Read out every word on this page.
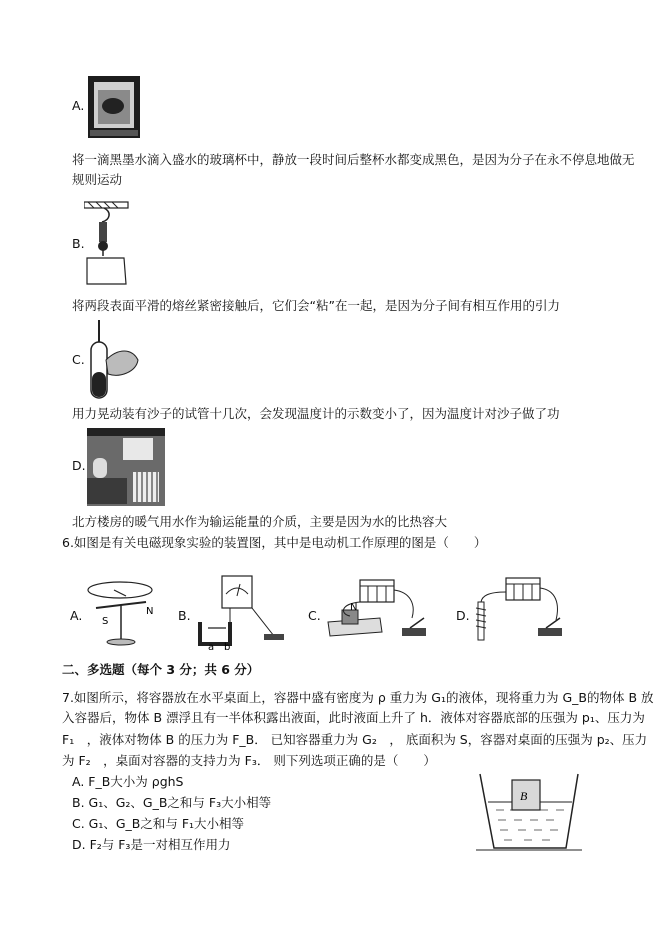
A.
将一滴黑墨水滴入盛水的玻璃杯中，静放一段时间后整杯水都变成黑色，是因为分子在永不停息地做无
规则运动
B.
将两段表面平滑的熔丝紧密接触后，它们会“粘”在一起，是因为分子间有相互作用的引力
C.
用力晃动装有沙子的试管十几次，会发现温度计的示数变小了，因为温度计对沙子做了功
D.
北方楼房的暖气用水作为输运能量的介质，主要是因为水的比热容大
6.如图是有关电磁现象实验的装置图，其中是电动机工作原理的图是（　　）
A. S
N B.
a b
C.
N
D.
二、多选题（每个 3 分；共 6 分）
7.如图所示，将容器放在水平桌面上，容器中盛有密度为 ρ 重力为 G₁的液体，现将重力为 G_B的物体 B 放
入容器后，物体 B 漂浮且有一半体积露出液面，此时液面上升了 h．液体对容器底部的压强为 p₁、压力为
F₁　，液体对物体 B 的压力为 F_B． 已知容器重力为 G₂　， 底面积为 S，容器对桌面的压强为 p₂、压力
为 F₂　，桌面对容器的支持力为 F₃． 则下列选项正确的是（　　）
A. F_B大小为 ρghS
B. G₁、G₂、G_B之和与 F₃大小相等
C. G₁、G_B之和与 F₁大小相等
D. F₂与 F₃是一对相互作用力
B
